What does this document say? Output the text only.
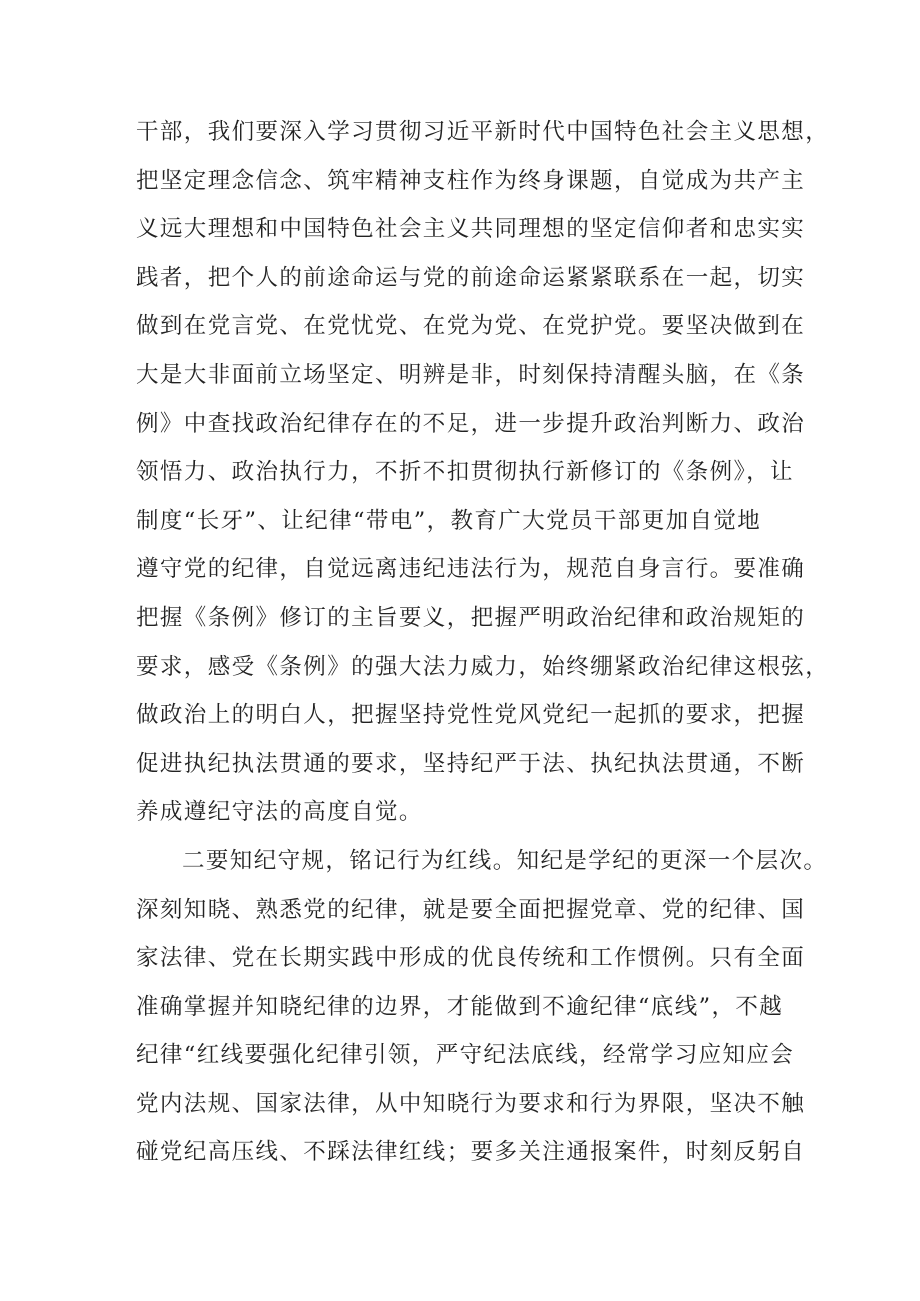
干部，我们要深入学习贯彻习近平新时代中国特色社会主义思想，
把坚定理念信念、筑牢精神支柱作为终身课题，自觉成为共产主
义远大理想和中国特色社会主义共同理想的坚定信仰者和忠实实
践者，把个人的前途命运与党的前途命运紧紧联系在一起，切实
做到在党言党、在党忧党、在党为党、在党护党。要坚决做到在
大是大非面前立场坚定、明辨是非，时刻保持清醒头脑，在《条
例》中查找政治纪律存在的不足，进一步提升政治判断力、政治
领悟力、政治执行力，不折不扣贯彻执行新修订的《条例》，让
制度“长牙”、让纪律“带电”，教育广大党员干部更加自觉地
遵守党的纪律，自觉远离违纪违法行为，规范自身言行。要准确
把握《条例》修订的主旨要义，把握严明政治纪律和政治规矩的
要求，感受《条例》的强大法力威力，始终绷紧政治纪律这根弦，
做政治上的明白人，把握坚持党性党风党纪一起抓的要求，把握
促进执纪执法贯通的要求，坚持纪严于法、执纪执法贯通，不断
养成遵纪守法的高度自觉。
二要知纪守规，铭记行为红线。知纪是学纪的更深一个层次。
深刻知晓、熟悉党的纪律，就是要全面把握党章、党的纪律、国
家法律、党在长期实践中形成的优良传统和工作惯例。只有全面
准确掌握并知晓纪律的边界，才能做到不逾纪律“底线”，不越
纪律“红线要强化纪律引领，严守纪法底线，经常学习应知应会
党内法规、国家法律，从中知晓行为要求和行为界限，坚决不触
碰党纪高压线、不踩法律红线；要多关注通报案件，时刻反躬自
